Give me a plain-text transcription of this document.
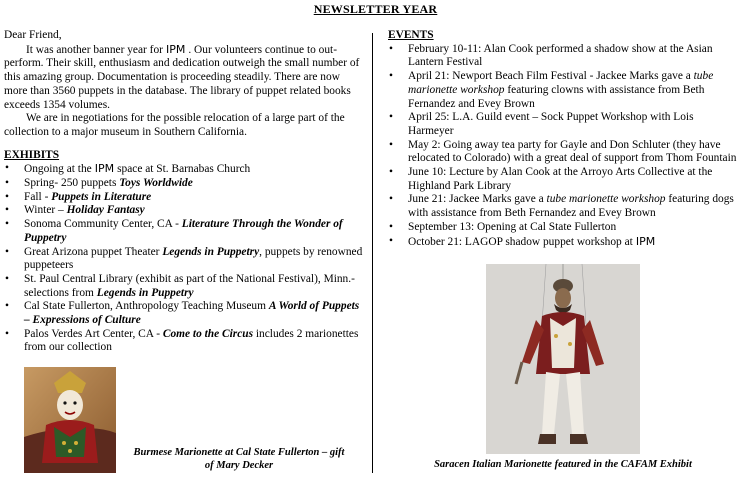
NEWSLETTER YEAR

Dear Friend,

It was another banner year for IPM . Our volunteers continue to out-perform. Their skill, enthusiasm and dedication outweigh the small number of this amazing group. Documentation is proceeding steadily. There are now more than 3560 puppets in the database. The library of puppet related books exceeds 1354 volumes.

We are in negotiations for the possible relocation of a large part of the collection to a major museum in Southern California.

EXHIBITS
• Ongoing at the IPM space at St. Barnabas Church
• Spring- 250 puppets Toys Worldwide
• Fall - Puppets in Literature
• Winter – Holiday Fantasy
• Sonoma Community Center, CA - Literature Through the Wonder of Puppetry
• Great Arizona puppet Theater Legends in Puppetry, puppets by renowned puppeteers
• St. Paul Central Library (exhibit as part of the National Festival), Minn.- selections from Legends in Puppetry
• Cal State Fullerton, Anthropology Teaching Museum A World of Puppets – Expressions of Culture
• Palos Verdes Art Center, CA - Come to the Circus includes 2 marionettes from our collection
EVENTS
• February 10-11: Alan Cook performed a shadow show at the Asian Lantern Festival
• April 21: Newport Beach Film Festival - Jackee Marks gave a tube marionette workshop featuring clowns with assistance from Beth Fernandez and Evey Brown
• April 25: L.A. Guild event – Sock Puppet Workshop with Lois Harmeyer
• May 2: Going away tea party for Gayle and Don Schluter (they have relocated to Colorado) with a great deal of support from Thom Fountain
• June 10: Lecture by Alan Cook at the Arroyo Arts Collective at the Highland Park Library
• June 21: Jackee Marks gave a tube marionette workshop featuring dogs with assistance from Beth Fernandez and Evey Brown
• September 13: Opening at Cal State Fullerton
• October 21: LAGOP shadow puppet workshop at IPM
Burmese Marionette at Cal State Fullerton – gift of Mary Decker	Saracen Italian Marionette featured in the CAFAM Exhibit
